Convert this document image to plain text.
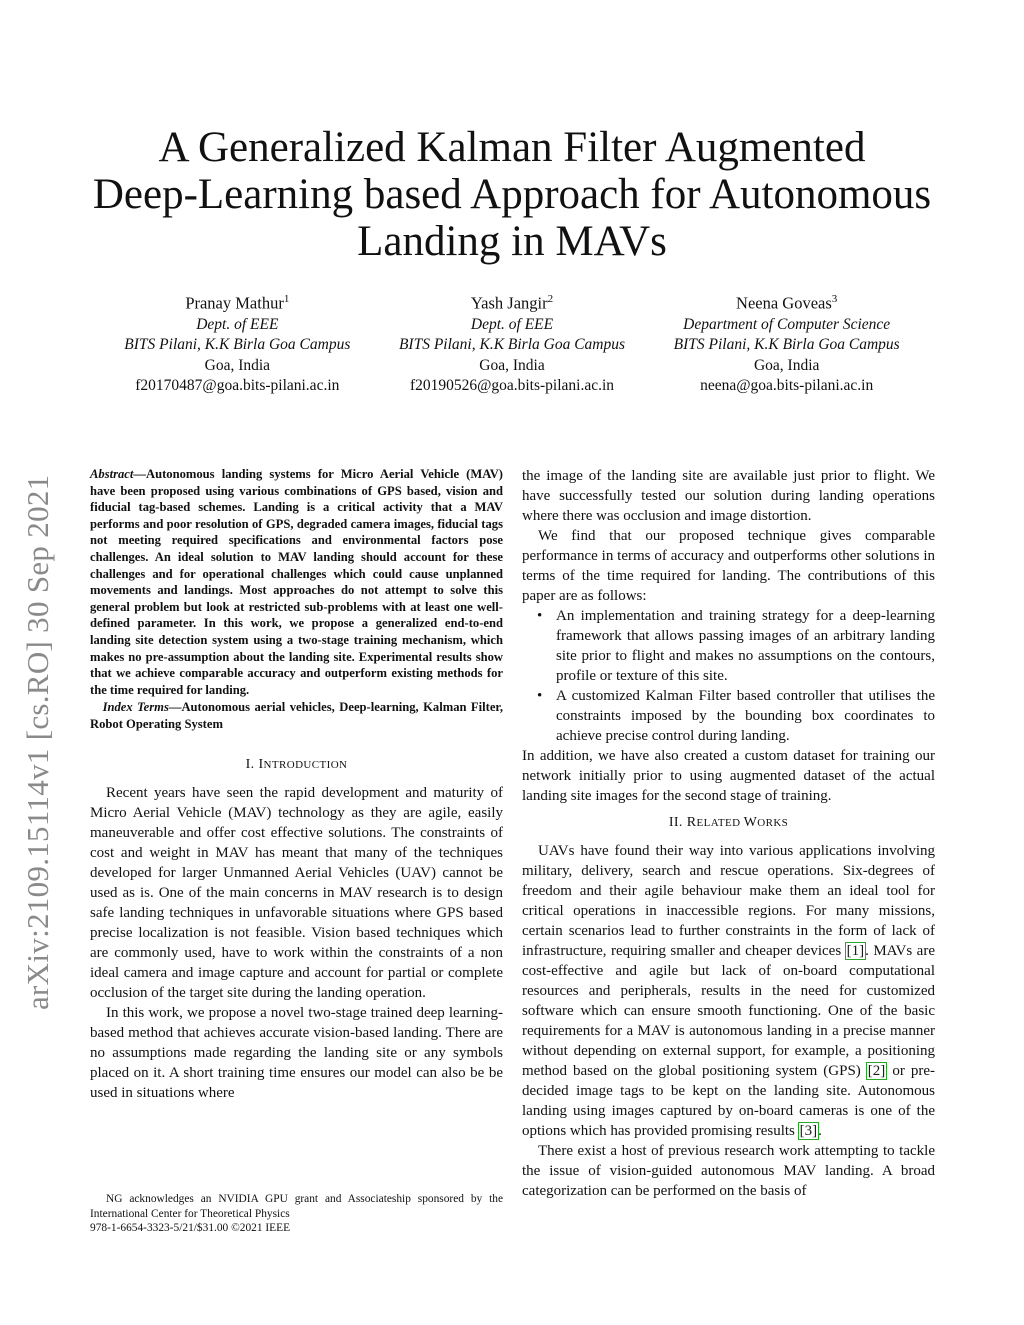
arXiv:2109.15114v1 [cs.RO] 30 Sep 2021
A Generalized Kalman Filter Augmented
Deep-Learning based Approach for Autonomous
Landing in MAVs
Pranay Mathur$^1$
Dept. of EEE
BITS Pilani, K.K Birla Goa Campus
Goa, India
f20170487@goa.bits-pilani.ac.in
Yash Jangir$^2$
Dept. of EEE
BITS Pilani, K.K Birla Goa Campus
Goa, India
f20190526@goa.bits-pilani.ac.in
Neena Goveas$^3$
Department of Computer Science
BITS Pilani, K.K Birla Goa Campus
Goa, India
neena@goa.bits-pilani.ac.in
Abstract—Autonomous landing systems for Micro Aerial Vehicle (MAV) have been proposed using various combinations of GPS based, vision and fiducial tag-based schemes. Landing is a critical activity that a MAV performs and poor resolution of GPS, degraded camera images, fiducial tags not meeting required specifications and environmental factors pose challenges. An ideal solution to MAV landing should account for these challenges and for operational challenges which could cause unplanned movements and landings. Most approaches do not attempt to solve this general problem but look at restricted sub-problems with at least one well-defined parameter. In this work, we propose a generalized end-to-end landing site detection system using a two-stage training mechanism, which makes no pre-assumption about the landing site. Experimental results show that we achieve comparable accuracy and outperform existing methods for the time required for landing.
 Index Terms—Autonomous aerial vehicles, Deep-learning, Kalman Filter, Robot Operating System
I. INTRODUCTION

Recent years have seen the rapid development and maturity of Micro Aerial Vehicle (MAV) technology as they are agile, easily maneuverable and offer cost effective solutions. The constraints of cost and weight in MAV has meant that many of the techniques developed for larger Unmanned Aerial Vehicles (UAV) cannot be used as is. One of the main concerns in MAV research is to design safe landing techniques in unfavorable situations where GPS based precise localization is not feasible. Vision based techniques which are commonly used, have to work within the constraints of a non ideal camera and image capture and account for partial or complete occlusion of the target site during the landing operation.

In this work, we propose a novel two-stage trained deep learning-based method that achieves accurate vision-based landing. There are no assumptions made regarding the landing site or any symbols placed on it. A short training time ensures our model can also be be used in situations where

NG acknowledges an NVIDIA GPU grant and Associateship sponsored by the International Center for Theoretical Physics

978-1-6654-3323-5/21/$31.00 ©2021 IEEE

the image of the landing site are available just prior to flight. We have successfully tested our solution during landing operations where there was occlusion and image distortion.

We find that our proposed technique gives comparable performance in terms of accuracy and outperforms other solutions in terms of the time required for landing. The contributions of this paper are as follows:

• An implementation and training strategy for a deep-learning framework that allows passing images of an arbitrary landing site prior to flight and makes no assumptions on the contours, profile or texture of this site.
• A customized Kalman Filter based controller that utilises the constraints imposed by the bounding box coordinates to achieve precise control during landing.

In addition, we have also created a custom dataset for training our network initially prior to using augmented dataset of the actual landing site images for the second stage of training.

II. RELATED WORKS

UAVs have found their way into various applications involving military, delivery, search and rescue operations. Six-degrees of freedom and their agile behaviour make them an ideal tool for critical operations in inaccessible regions. For many missions, certain scenarios lead to further constraints in the form of lack of infrastructure, requiring smaller and cheaper devices [1]. MAVs are cost-effective and agile but lack of on-board computational resources and peripherals, results in the need for customized software which can ensure smooth functioning. One of the basic requirements for a MAV is autonomous landing in a precise manner without depending on external support, for example, a positioning method based on the global positioning system (GPS) [2] or pre-decided image tags to be kept on the landing site. Autonomous landing using images captured by on-board cameras is one of the options which has provided promising results [3].

There exist a host of previous research work attempting to tackle the issue of vision-guided autonomous MAV landing. A broad categorization can be performed on the basis of
